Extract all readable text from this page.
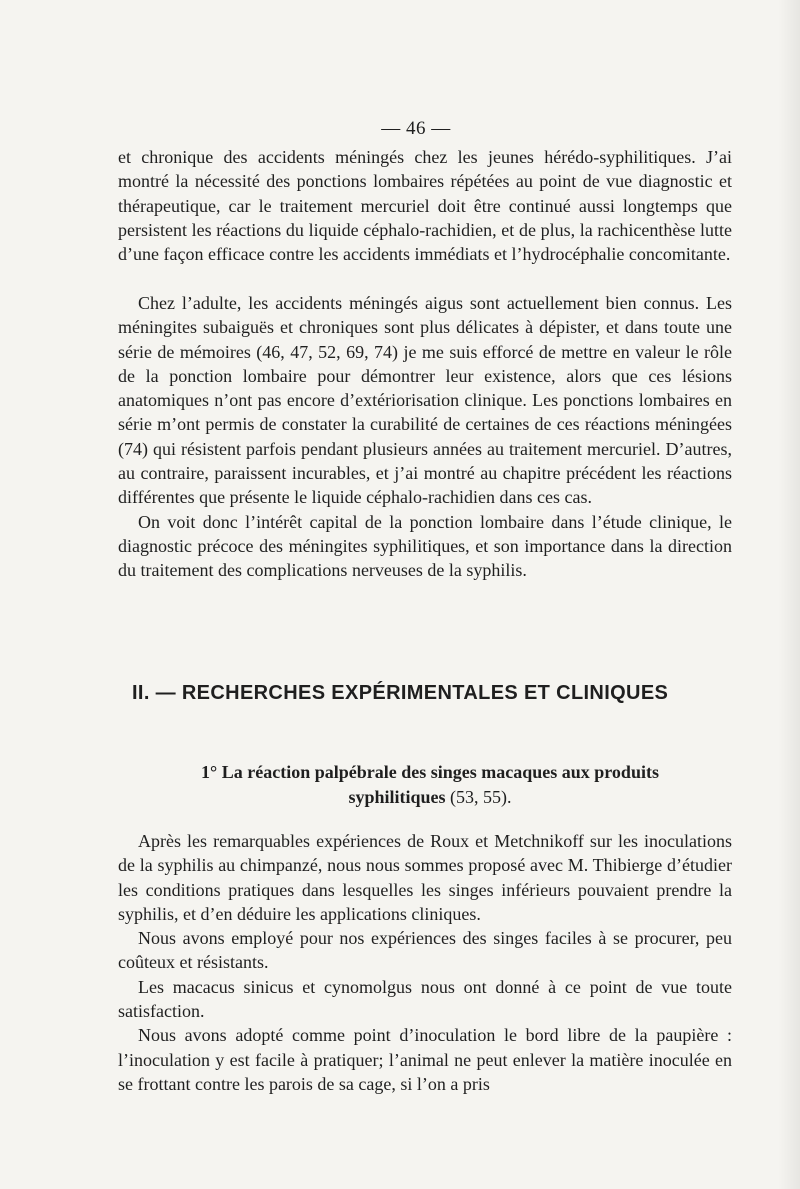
— 46 —

et chronique des accidents méningés chez les jeunes hérédo-syphilitiques. J’ai montré la nécessité des ponctions lombaires répétées au point de vue diagnostic et thérapeutique, car le traitement mercuriel doit être continué aussi longtemps que persistent les réactions du liquide céphalo-rachidien, et de plus, la rachicenthèse lutte d’une façon efficace contre les accidents immédiats et l’hydrocéphalie concomitante.

Chez l’adulte, les accidents méningés aigus sont actuellement bien connus. Les méningites subaiguës et chroniques sont plus délicates à dépister, et dans toute une série de mémoires (46, 47, 52, 69, 74) je me suis efforcé de mettre en valeur le rôle de la ponction lombaire pour démontrer leur existence, alors que ces lésions anatomiques n’ont pas encore d’extériorisation clinique. Les ponctions lombaires en série m’ont permis de constater la curabilité de certaines de ces réactions méningées (74) qui résistent parfois pendant plusieurs années au traitement mercuriel. D’autres, au contraire, paraissent incurables, et j’ai montré au chapitre précédent les réactions différentes que présente le liquide céphalo-rachidien dans ces cas.

On voit donc l’intérêt capital de la ponction lombaire dans l’étude clinique, le diagnostic précoce des méningites syphilitiques, et son importance dans la direction du traitement des complications nerveuses de la syphilis.

II. — RECHERCHES EXPÉRIMENTALES ET CLINIQUES
1° La réaction palpébrale des singes macaques aux produits syphilitiques (53, 55).

Après les remarquables expériences de Roux et Metchnikoff sur les inoculations de la syphilis au chimpanzé, nous nous sommes proposé avec M. Thibierge d’étudier les conditions pratiques dans lesquelles les singes inférieurs pouvaient prendre la syphilis, et d’en déduire les applications cliniques.

Nous avons employé pour nos expériences des singes faciles à se procurer, peu coûteux et résistants.

Les macacus sinicus et cynomolgus nous ont donné à ce point de vue toute satisfaction.

Nous avons adopté comme point d’inoculation le bord libre de la paupière : l’inoculation y est facile à pratiquer; l’animal ne peut enlever la matière inoculée en se frottant contre les parois de sa cage, si l’on a pris
